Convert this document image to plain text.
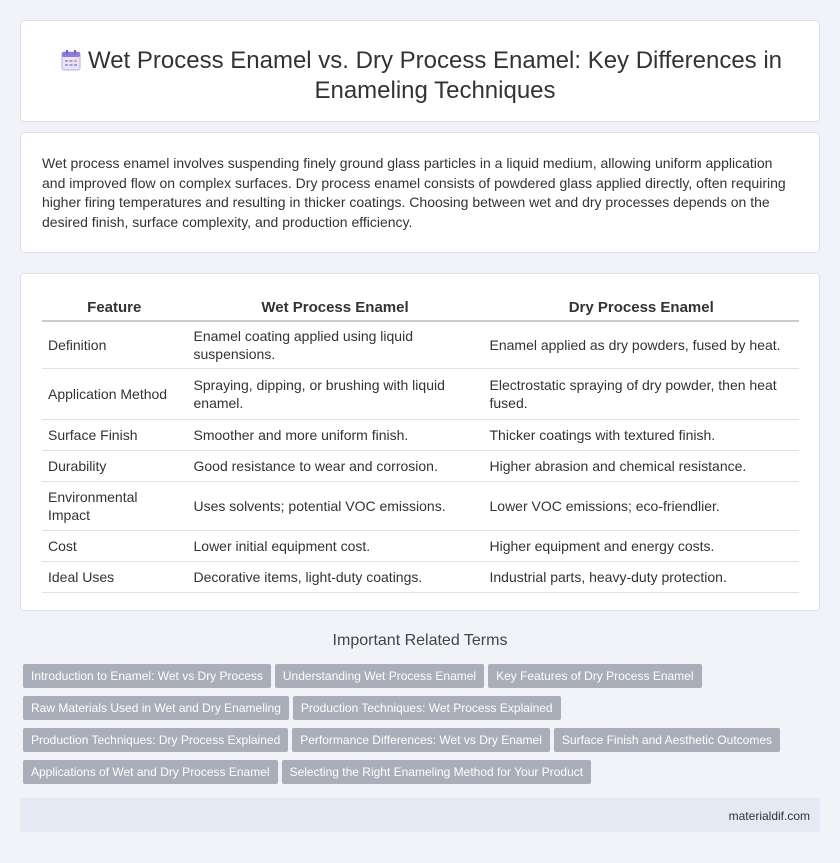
Wet Process Enamel vs. Dry Process Enamel: Key Differences in Enameling Techniques

Wet process enamel involves suspending finely ground glass particles in a liquid medium, allowing uniform application and improved flow on complex surfaces. Dry process enamel consists of powdered glass applied directly, often requiring higher firing temperatures and resulting in thicker coatings. Choosing between wet and dry processes depends on the desired finish, surface complexity, and production efficiency.

Feature	Wet Process Enamel	Dry Process Enamel
Definition	Enamel coating applied using liquid suspensions.	Enamel applied as dry powders, fused by heat.
Application Method	Spraying, dipping, or brushing with liquid enamel.	Electrostatic spraying of dry powder, then heat fused.
Surface Finish	Smoother and more uniform finish.	Thicker coatings with textured finish.
Durability	Good resistance to wear and corrosion.	Higher abrasion and chemical resistance.
Environmental Impact	Uses solvents; potential VOC emissions.	Lower VOC emissions; eco-friendlier.
Cost	Lower initial equipment cost.	Higher equipment and energy costs.
Ideal Uses	Decorative items, light-duty coatings.	Industrial parts, heavy-duty protection.
Important Related Terms
Introduction to Enamel: Wet vs Dry Process Understanding Wet Process Enamel Key Features of Dry Process Enamel
Raw Materials Used in Wet and Dry Enameling Production Techniques: Wet Process Explained
Production Techniques: Dry Process Explained Performance Differences: Wet vs Dry Enamel Surface Finish and Aesthetic Outcomes
Applications of Wet and Dry Process Enamel Selecting the Right Enameling Method for Your Product
materialdif.com
